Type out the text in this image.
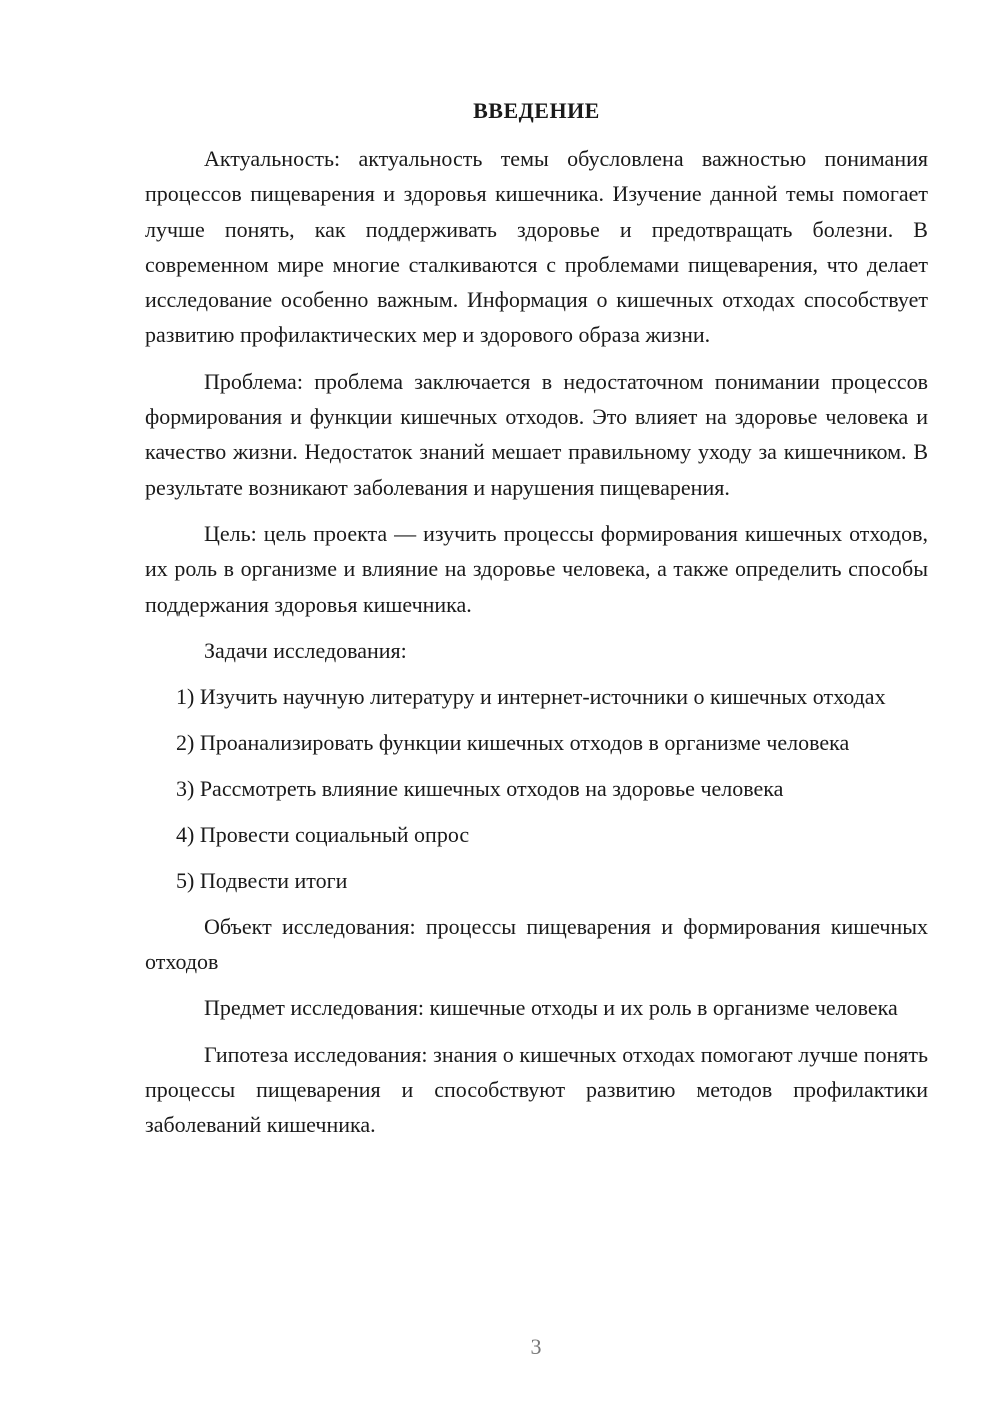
ВВЕДЕНИЕ

Актуальность: актуальность темы обусловлена важностью понимания процессов пищеварения и здоровья кишечника. Изучение данной темы помогает лучше понять, как поддерживать здоровье и предотвращать болезни. В современном мире многие сталкиваются с проблемами пищеварения, что делает исследование особенно важным. Информация о кишечных отходах способствует развитию профилактических мер и здорового образа жизни.

Проблема: проблема заключается в недостаточном понимании процессов формирования и функции кишечных отходов. Это влияет на здоровье человека и качество жизни. Недостаток знаний мешает правильному уходу за кишечником. В результате возникают заболевания и нарушения пищеварения.

Цель: цель проекта — изучить процессы формирования кишечных отходов, их роль в организме и влияние на здоровье человека, а также определить способы поддержания здоровья кишечника.

Задачи исследования:

1) Изучить научную литературу и интернет-источники о кишечных отходах

2) Проанализировать функции кишечных отходов в организме человека

3) Рассмотреть влияние кишечных отходов на здоровье человека

4) Провести социальный опрос

5) Подвести итоги

Объект исследования: процессы пищеварения и формирования кишечных отходов

Предмет исследования: кишечные отходы и их роль в организме человека

Гипотеза исследования: знания о кишечных отходах помогают лучше понять процессы пищеварения и способствуют развитию методов профилактики заболеваний кишечника.

3
